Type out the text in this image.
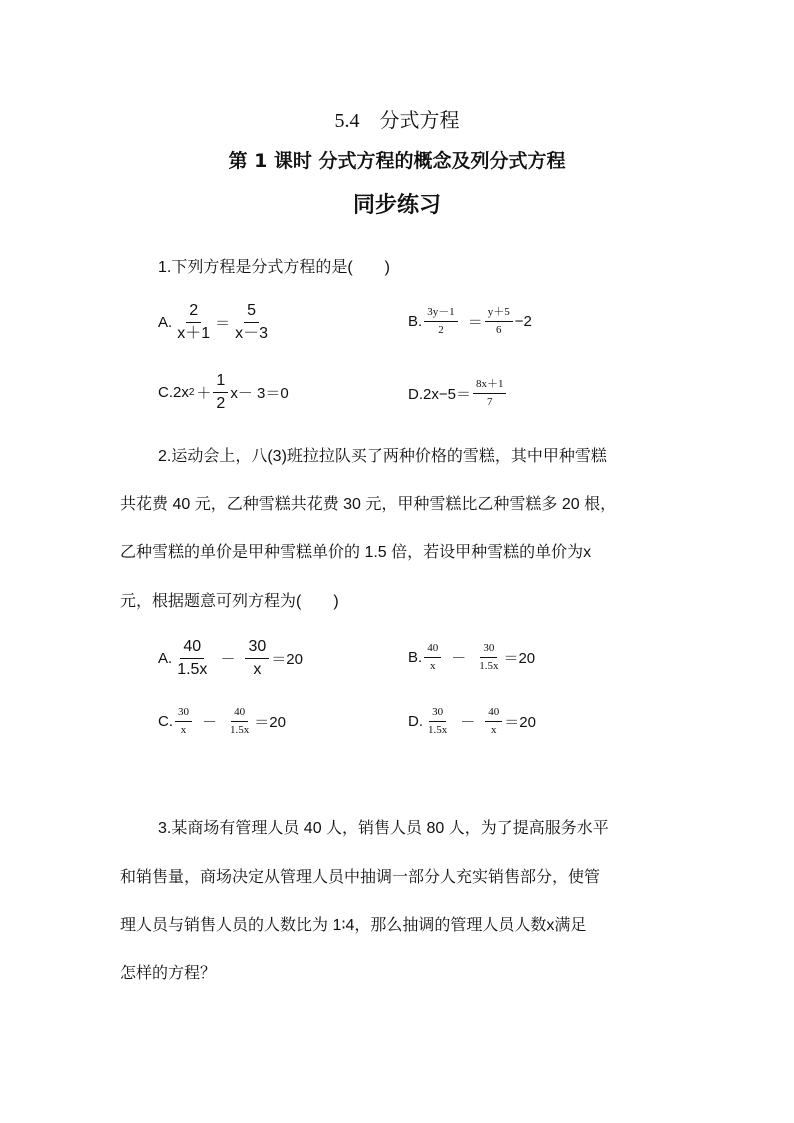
5.4　分式方程
第 1 课时 分式方程的概念及列分式方程
同步练习
1.下列方程是分式方程的是(　　)
A. $\frac{2}{x+1} = \frac{5}{x-3}$	B. $\frac{3y-1}{2} = \frac{y+5}{6} -2$
C.2x $2 + \frac{1}{2} x- 3=0$	$D.2x-5= \frac{8x+1}{7}$
2.运动会上，八(3)班拉拉队买了两种价格的雪糕，其中甲种雪糕
共花费 40 元，乙种雪糕共花费 30 元，甲种雪糕比乙种雪糕多 20 根，
乙种雪糕的单价是甲种雪糕单价的 1.5 倍，若设甲种雪糕的单价为x
元，根据题意可列方程为(　　)
A. $\frac{40}{1.5x} - \frac{30}{x} =20$	B. $\frac{40}{x} - \frac{30}{1.5x} =20$
C. $\frac{30}{x} - \frac{40}{1.5x} =20$	D. $\frac{30}{1.5x} - \frac{40}{x} =20$
3.某商场有管理人员 40 人，销售人员 80 人，为了提高服务水平
和销售量，商场决定从管理人员中抽调一部分人充实销售部分，使管
理人员与销售人员的人数比为 1∶4，那么抽调的管理人员人数x满足
怎样的方程？
